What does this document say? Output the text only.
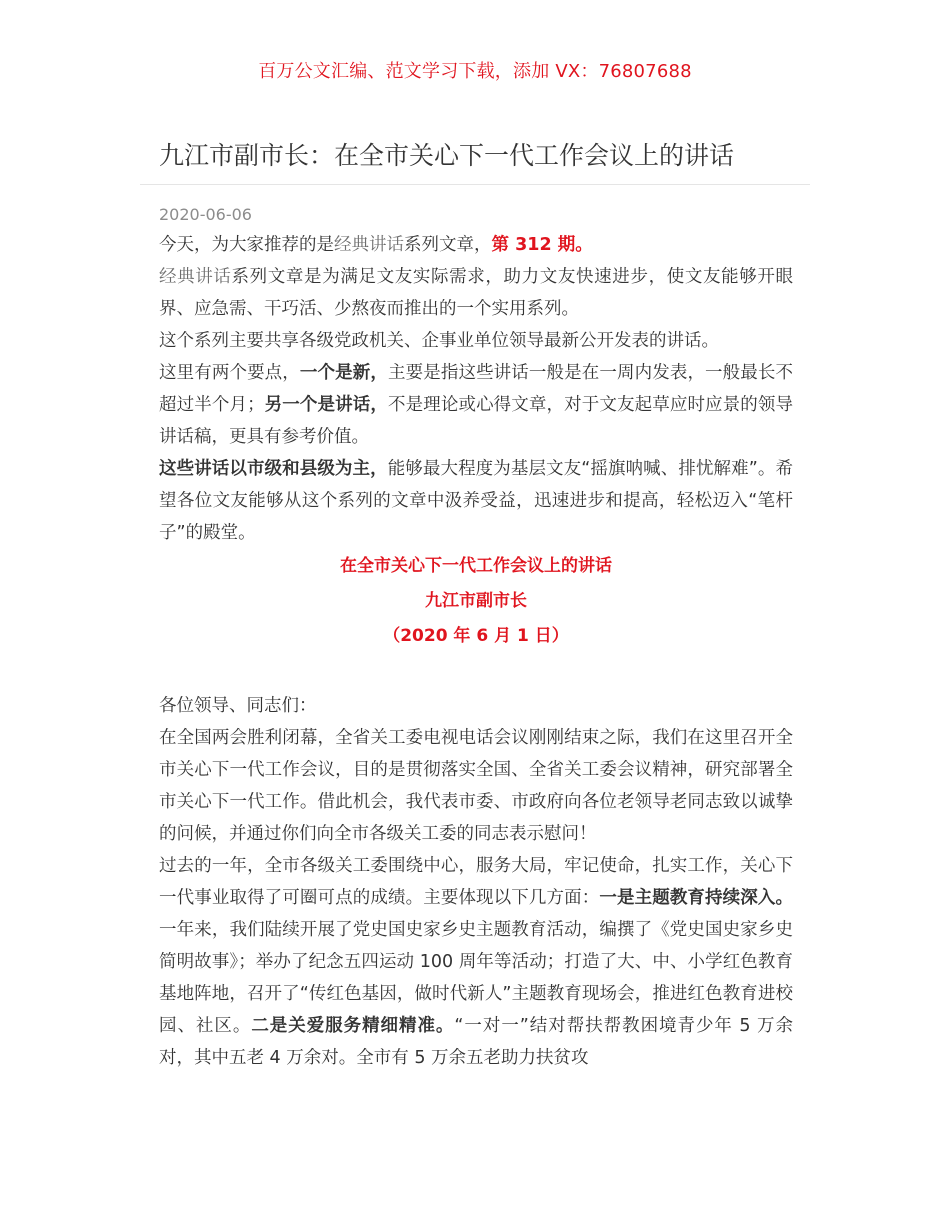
百万公文汇编、范文学习下载，添加 VX：76807688
九江市副市长：在全市关心下一代工作会议上的讲话
2020-06-06

今天，为大家推荐的是经典讲话系列文章，第 312 期。

经典讲话系列文章是为满足文友实际需求，助力文友快速进步，使文友能够开眼界、应急需、干巧活、少熬夜而推出的一个实用系列。

这个系列主要共享各级党政机关、企事业单位领导最新公开发表的讲话。

这里有两个要点，一个是新，主要是指这些讲话一般是在一周内发表，一般最长不超过半个月；另一个是讲话，不是理论或心得文章，对于文友起草应时应景的领导讲话稿，更具有参考价值。

这些讲话以市级和县级为主，能够最大程度为基层文友“摇旗呐喊、排忧解难”。希望各位文友能够从这个系列的文章中汲养受益，迅速进步和提高，轻松迈入“笔杆子”的殿堂。

在全市关心下一代工作会议上的讲话
九江市副市长
（2020 年 6 月 1 日）

各位领导、同志们：

在全国两会胜利闭幕，全省关工委电视电话会议刚刚结束之际，我们在这里召开全市关心下一代工作会议，目的是贯彻落实全国、全省关工委会议精神，研究部署全市关心下一代工作。借此机会，我代表市委、市政府向各位老领导老同志致以诚挚的问候，并通过你们向全市各级关工委的同志表示慰问！

过去的一年，全市各级关工委围绕中心，服务大局，牢记使命，扎实工作，关心下一代事业取得了可圈可点的成绩。主要体现以下几方面：一是主题教育持续深入。一年来，我们陆续开展了党史国史家乡史主题教育活动，编撰了《党史国史家乡史简明故事》；举办了纪念五四运动 100 周年等活动；打造了大、中、小学红色教育基地阵地，召开了“传红色基因，做时代新人”主题教育现场会，推进红色教育进校园、社区。二是关爱服务精细精准。“一对一”结对帮扶帮教困境青少年 5 万余对，其中五老 4 万余对。全市有 5 万余五老助力扶贫攻
